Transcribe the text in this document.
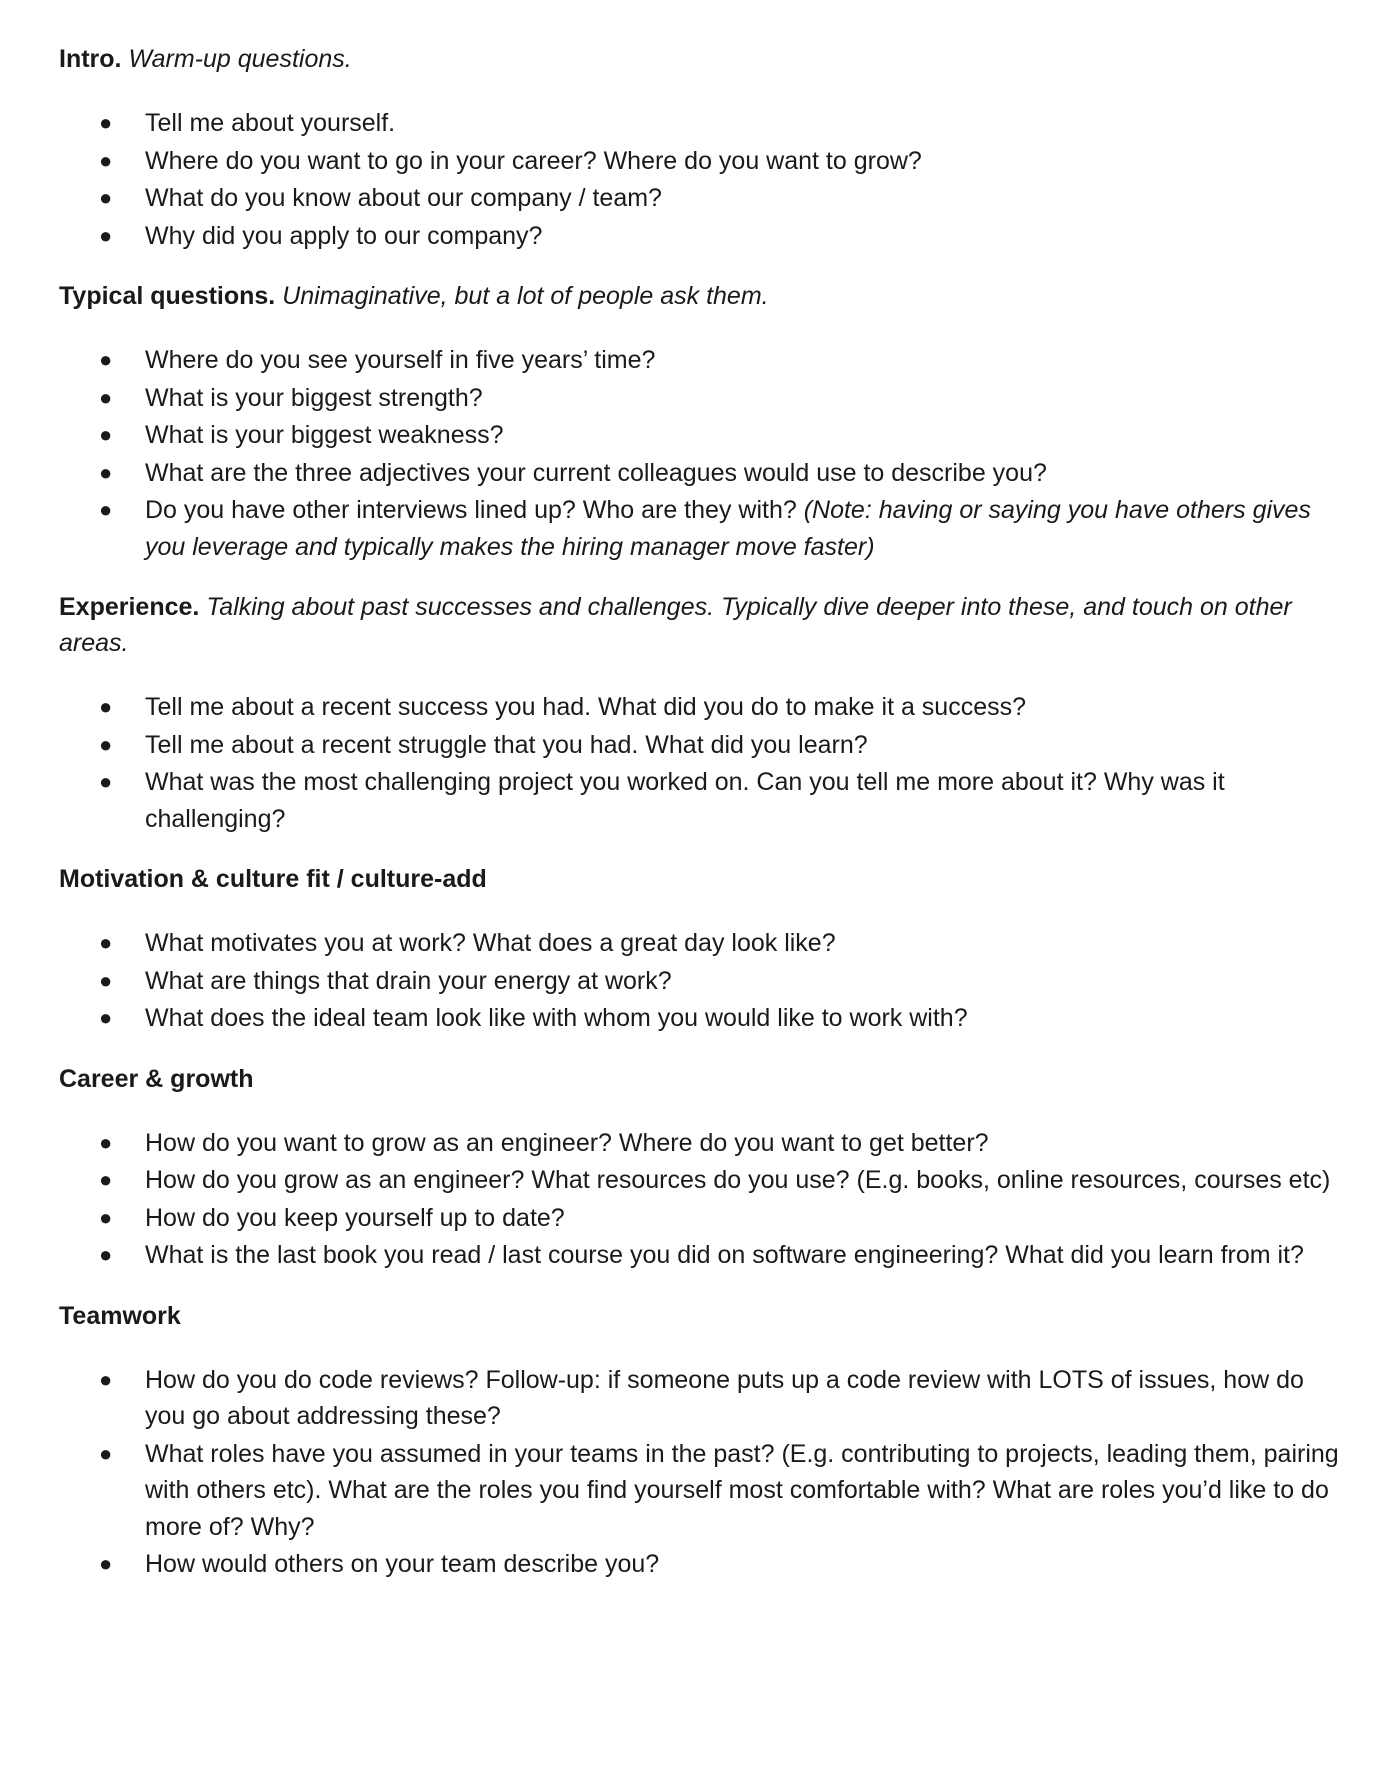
Intro. Warm-up questions.

● Tell me about yourself.
● Where do you want to go in your career? Where do you want to grow?
● What do you know about our company / team?
● Why did you apply to our company?

Typical questions. Unimaginative, but a lot of people ask them.

● Where do you see yourself in five years’ time?
● What is your biggest strength?
● What is your biggest weakness?
● What are the three adjectives your current colleagues would use to describe you?
● Do you have other interviews lined up? Who are they with? (Note: having or saying you have others gives you leverage and typically makes the hiring manager move faster)

Experience. Talking about past successes and challenges. Typically dive deeper into these, and touch on other areas.

● Tell me about a recent success you had. What did you do to make it a success?
● Tell me about a recent struggle that you had. What did you learn?
● What was the most challenging project you worked on. Can you tell me more about it? Why was it challenging?

Motivation & culture fit / culture-add

● What motivates you at work? What does a great day look like?
● What are things that drain your energy at work?
● What does the ideal team look like with whom you would like to work with?

Career & growth

● How do you want to grow as an engineer? Where do you want to get better?
● How do you grow as an engineer? What resources do you use? (E.g. books, online resources, courses etc)
● How do you keep yourself up to date?
● What is the last book you read / last course you did on software engineering? What did you learn from it?

Teamwork

● How do you do code reviews? Follow-up: if someone puts up a code review with LOTS of issues, how do you go about addressing these?
● What roles have you assumed in your teams in the past? (E.g. contributing to projects, leading them, pairing with others etc). What are the roles you find yourself most comfortable with? What are roles you’d like to do more of? Why?
● How would others on your team describe you?
